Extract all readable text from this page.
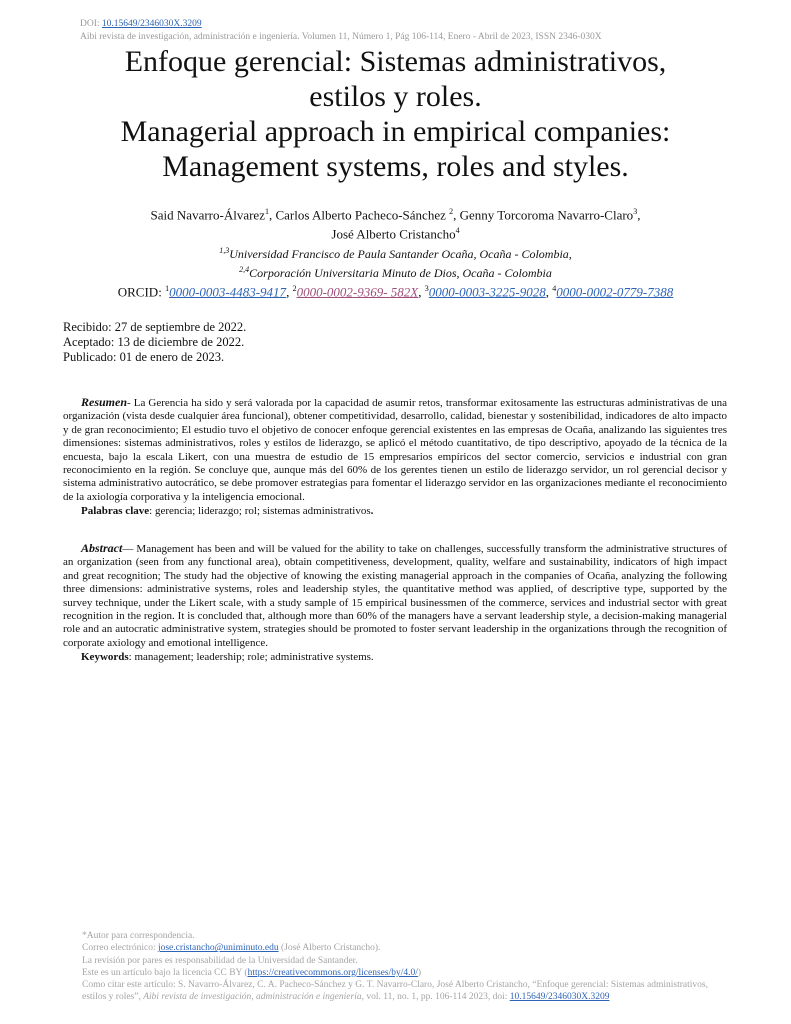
DOI: 10.15649/2346030X.3209
Aibi revista de investigación, administración e ingeniería. Volumen 11, Número 1, Pág 106-114, Enero - Abril de 2023, ISSN 2346-030X
Enfoque gerencial: Sistemas administrativos,
estilos y roles.
Managerial approach in empirical companies:
Management systems, roles and styles.
Said Navarro-Álvarez$^1$, Carlos Alberto Pacheco-Sánchez $^2$, Genny Torcoroma Navarro-Claro$^3$,
José Alberto Cristancho$^4$
$^{1,3}$Universidad Francisco de Paula Santander Ocaña, Ocaña - Colombia,
$^{2,4}$Corporación Universitaria Minuto de Dios, Ocaña - Colombia
ORCID: $^1$0000-0003-4483-9417, $^2$0000-0002-9369- 582X, $^3$0000-0003-3225-9028, $^4$0000-0002-0779-7388
Recibido: 27 de septiembre de 2022.
Aceptado: 13 de diciembre de 2022.
Publicado: 01 de enero de 2023.

Resumen- La Gerencia ha sido y será valorada por la capacidad de asumir retos, transformar exitosamente las estructuras administrativas de una organización (vista desde cualquier área funcional), obtener competitividad, desarrollo, calidad, bienestar y sostenibilidad, indicadores de alto impacto y de gran reconocimiento; El estudio tuvo el objetivo de conocer enfoque gerencial existentes en las empresas de Ocaña, analizando las siguientes tres dimensiones: sistemas administrativos, roles y estilos de liderazgo, se aplicó el método cuantitativo, de tipo descriptivo, apoyado de la técnica de la encuesta, bajo la escala Likert, con una muestra de estudio de 15 empresarios empíricos del sector comercio, servicios e industrial con gran reconocimiento en la región. Se concluye que, aunque más del 60% de los gerentes tienen un estilo de liderazgo servidor, un rol gerencial decisor y sistema administrativo autocrático, se debe promover estrategias para fomentar el liderazgo servidor en las organizaciones mediante el reconocimiento de la axiología corporativa y la inteligencia emocional.

Palabras clave: gerencia; liderazgo; rol; sistemas administrativos.

Abstract— Management has been and will be valued for the ability to take on challenges, successfully transform the administrative structures of an organization (seen from any functional area), obtain competitiveness, development, quality, welfare and sustainability, indicators of high impact and great recognition; The study had the objective of knowing the existing managerial approach in the companies of Ocaña, analyzing the following three dimensions: administrative systems, roles and leadership styles, the quantitative method was applied, of descriptive type, supported by the survey technique, under the Likert scale, with a study sample of 15 empirical businessmen of the commerce, services and industrial sector with great recognition in the region. It is concluded that, although more than 60% of the managers have a servant leadership style, a decision-making managerial role and an autocratic administrative system, strategies should be promoted to foster servant leadership in the organizations through the recognition of corporate axiology and emotional intelligence.

Keywords: management; leadership; role; administrative systems.

*Autor para correspondencia.
Correo electrónico: jose.cristancho@uniminuto.edu (José Alberto Cristancho).
La revisión por pares es responsabilidad de la Universidad de Santander.
Este es un artículo bajo la licencia CC BY (https://creativecommons.org/licenses/by/4.0/)
Como citar este artículo: S. Navarro-Álvarez, C. A. Pacheco-Sánchez y G. T. Navarro-Claro, José Alberto Cristancho, “Enfoque gerencial: Sistemas administrativos, estilos y roles”, Aibi revista de investigación, administración e ingeniería, vol. 11, no. 1, pp. 106-114 2023, doi: 10.15649/2346030X.3209
